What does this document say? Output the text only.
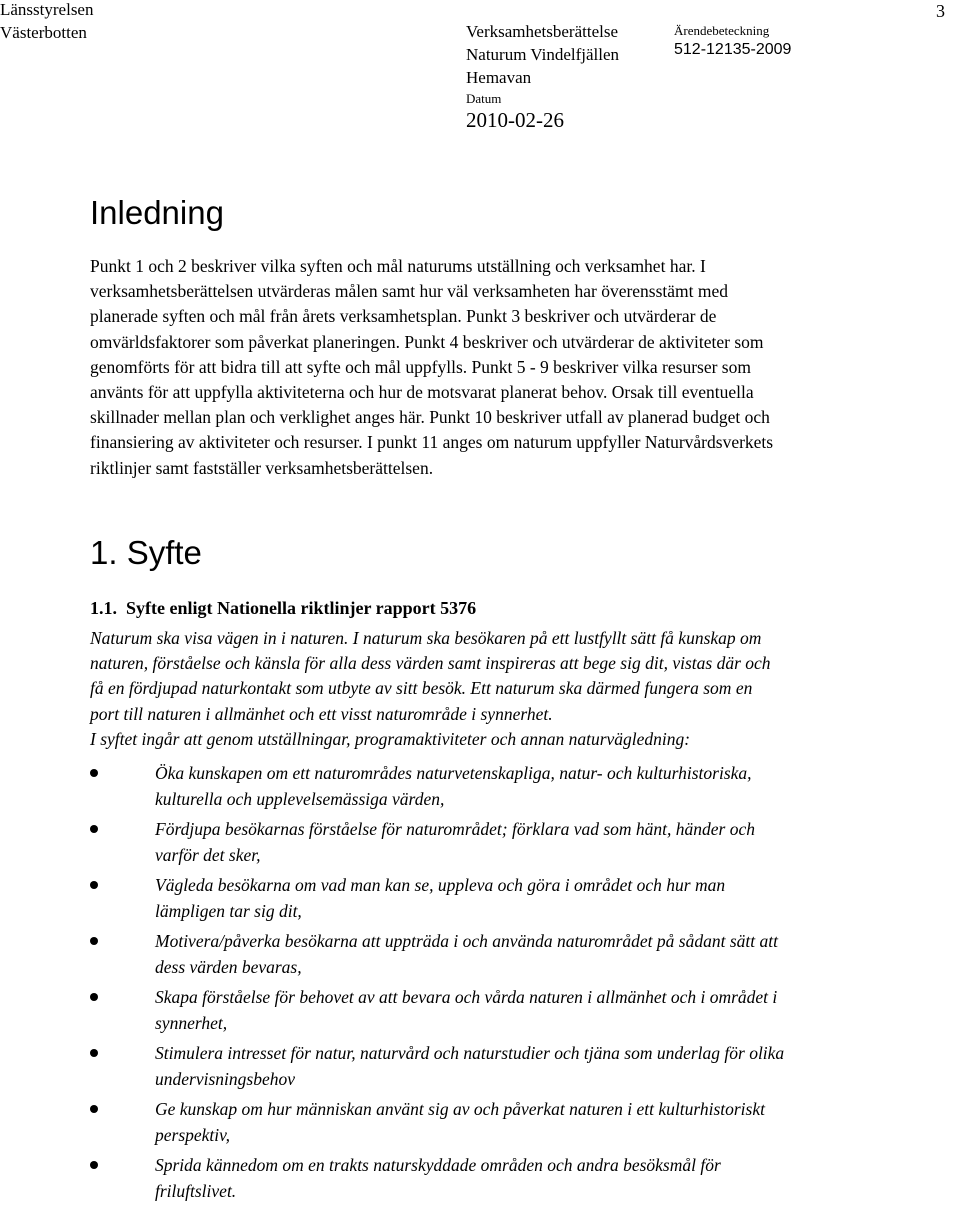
Länsstyrelsen
Västerbotten	Verksamhetsberättelse
Naturum Vindelfjällen
Hemavan
Datum
2010-02-26
Ärendebeteckning
512-12135-2009
3
Inledning
Punkt 1 och 2 beskriver vilka syften och mål naturums utställning och verksamhet har. I
verksamhetsberättelsen utvärderas målen samt hur väl verksamheten har överensstämt med
planerade syften och mål från årets verksamhetsplan. Punkt 3 beskriver och utvärderar de
omvärldsfaktorer som påverkat planeringen. Punkt 4 beskriver och utvärderar de aktiviteter som
genomförts för att bidra till att syfte och mål uppfylls. Punkt 5 - 9 beskriver vilka resurser som
använts för att uppfylla aktiviteterna och hur de motsvarat planerat behov. Orsak till eventuella
skillnader mellan plan och verklighet anges här. Punkt 10 beskriver utfall av planerad budget och
finansiering av aktiviteter och resurser. I punkt 11 anges om naturum uppfyller Naturvårdsverkets
riktlinjer samt fastställer verksamhetsberättelsen.
1. Syfte
1.1. Syfte enligt Nationella riktlinjer rapport 5376
Naturum ska visa vägen in i naturen. I naturum ska besökaren på ett lustfyllt sätt få kunskap om
naturen, förståelse och känsla för alla dess värden samt inspireras att bege sig dit, vistas där och
få en fördjupad naturkontakt som utbyte av sitt besök. Ett naturum ska därmed fungera som en
port till naturen i allmänhet och ett visst naturområde i synnerhet.
I syftet ingår att genom utställningar, programaktiviteter och annan naturvägledning:
Öka kunskapen om ett naturområdes naturvetenskapliga, natur- och kulturhistoriska,
kulturella och upplevelsemässiga värden,
Fördjupa besökarnas förståelse för naturområdet; förklara vad som hänt, händer och
varför det sker,
Vägleda besökarna om vad man kan se, uppleva och göra i området och hur man
lämpligen tar sig dit,
Motivera/påverka besökarna att uppträda i och använda naturområdet på sådant sätt att
dess värden bevaras,
Skapa förståelse för behovet av att bevara och vårda naturen i allmänhet och i området i
synnerhet,
Stimulera intresset för natur, naturvård och naturstudier och tjäna som underlag för olika
undervisningsbehov
Ge kunskap om hur människan använt sig av och påverkat naturen i ett kulturhistoriskt
perspektiv,
Sprida kännedom om en trakts naturskyddade områden och andra besöksmål för
friluftslivet.
